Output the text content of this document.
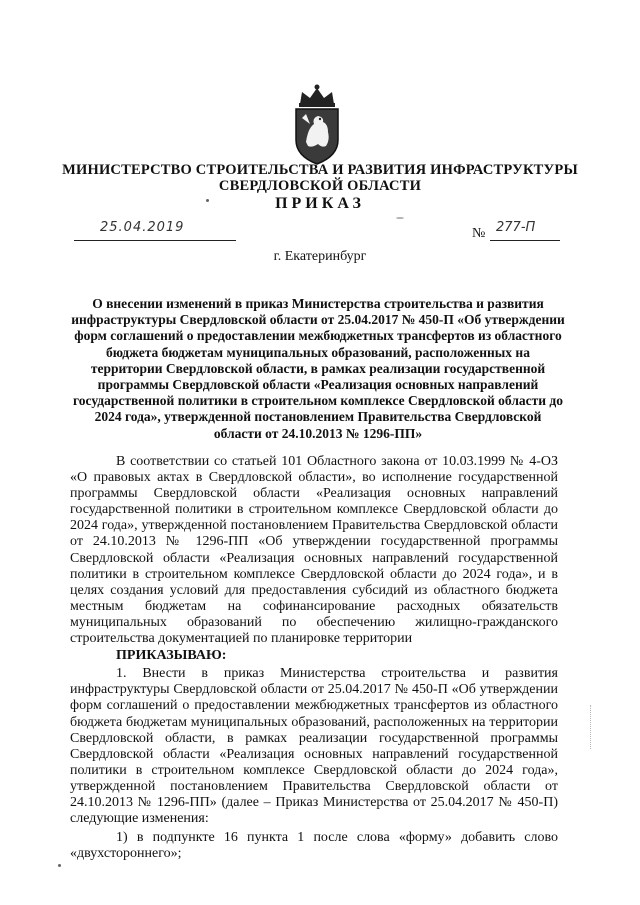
МИНИСТЕРСТВО СТРОИТЕЛЬСТВА И РАЗВИТИЯ ИНФРАСТРУКТУРЫ
СВЕРДЛОВСКОЙ ОБЛАСТИ
ПРИКАЗ
25.04.2019	№ 277-П
г. Екатеринбург
О внесении изменений в приказ Министерства строительства и развития инфраструктуры Свердловской области от 25.04.2017 № 450-П «Об утверждении форм соглашений о предоставлении межбюджетных трансфертов из областного бюджета бюджетам муниципальных образований, расположенных на территории Свердловской области, в рамках реализации государственной программы Свердловской области «Реализация основных направлений государственной политики в строительном комплексе Свердловской области до 2024 года», утвержденной постановлением Правительства Свердловской области от 24.10.2013 № 1296-ПП»

В соответствии со статьей 101 Областного закона от 10.03.1999 № 4-ОЗ «О правовых актах в Свердловской области», во исполнение государственной программы Свердловской области «Реализация основных направлений государственной политики в строительном комплексе Свердловской области до 2024 года», утвержденной постановлением Правительства Свердловской области от 24.10.2013 № 1296-ПП «Об утверждении государственной программы Свердловской области «Реализация основных направлений государственной политики в строительном комплексе Свердловской области до 2024 года», и в целях создания условий для предоставления субсидий из областного бюджета местным бюджетам на софинансирование расходных обязательств муниципальных образований по обеспечению жилищно-гражданского строительства документацией по планировке территории

ПРИКАЗЫВАЮ:

1. Внести в приказ Министерства строительства и развития инфраструктуры Свердловской области от 25.04.2017 № 450-П «Об утверждении форм соглашений о предоставлении межбюджетных трансфертов из областного бюджета бюджетам муниципальных образований, расположенных на территории Свердловской области, в рамках реализации государственной программы Свердловской области «Реализация основных направлений государственной политики в строительном комплексе Свердловской области до 2024 года», утвержденной постановлением Правительства Свердловской области от 24.10.2013 № 1296-ПП» (далее – Приказ Министерства от 25.04.2017 № 450-П) следующие изменения:

1) в подпункте 16 пункта 1 после слова «форму» добавить слово «двухстороннего»;
